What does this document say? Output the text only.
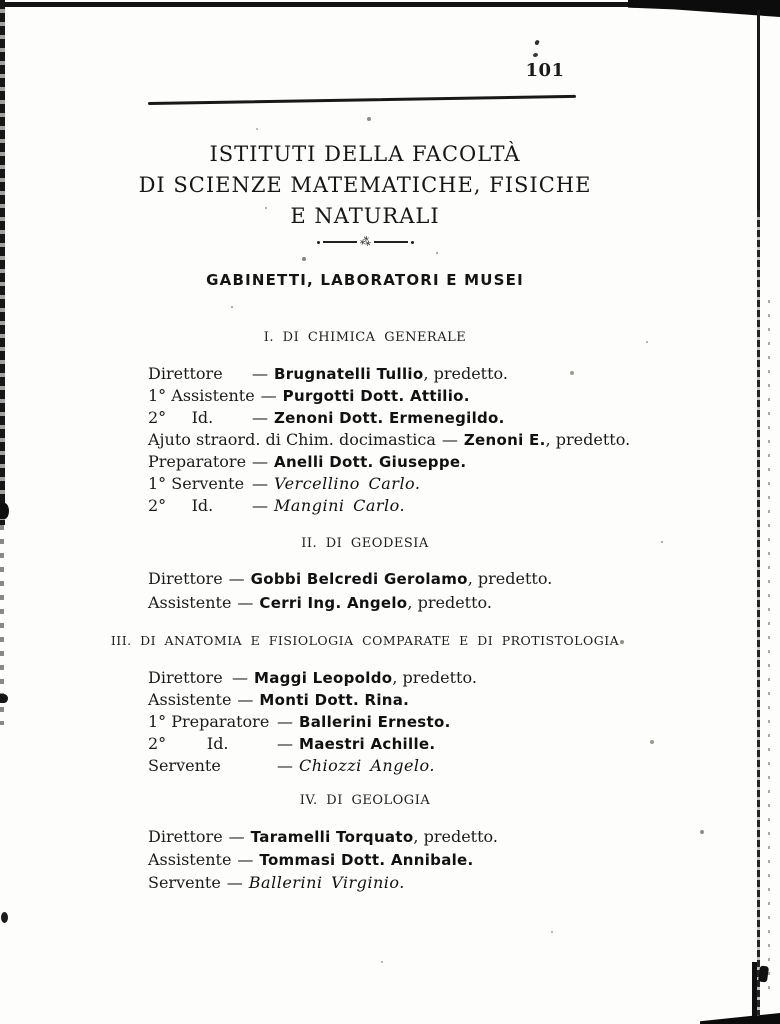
101
ISTITUTI DELLA FACOLTÀ
DI SCIENZE MATEMATICHE, FISICHE
E NATURALI
⁂
GABINETTI, LABORATORI E MUSEI
I. DI CHIMICA GENERALE
Direttore	— Brugnatelli Tullio , predetto.
1° Assistente — Purgotti Dott. Attilio.
2°     Id.	— Zenoni Dott. Ermenegildo.
Ajuto straord. di Chim. docimastica — Zenoni E. , predetto.
Preparatore — Anelli Dott. Giuseppe.
1° Servente — Vercellino Carlo.
2°     Id.	— Mangini Carlo.
II. DI GEODESIA
Direttore — Gobbi Belcredi Gerolamo , predetto.
Assistente — Cerri Ing. Angelo , predetto.
III. DI ANATOMIA E FISIOLOGIA COMPARATE E DI PROTISTOLOGIA
Direttore — Maggi Leopoldo , predetto.
Assistente — Monti Dott. Rina.
1° Preparatore — Ballerini Ernesto.
2°        Id.	— Maestri Achille.
Servente	— Chiozzi Angelo.
IV. DI GEOLOGIA
Direttore — Taramelli Torquato , predetto.
Assistente — Tommasi Dott. Annibale.
Servente — Ballerini Virginio.
